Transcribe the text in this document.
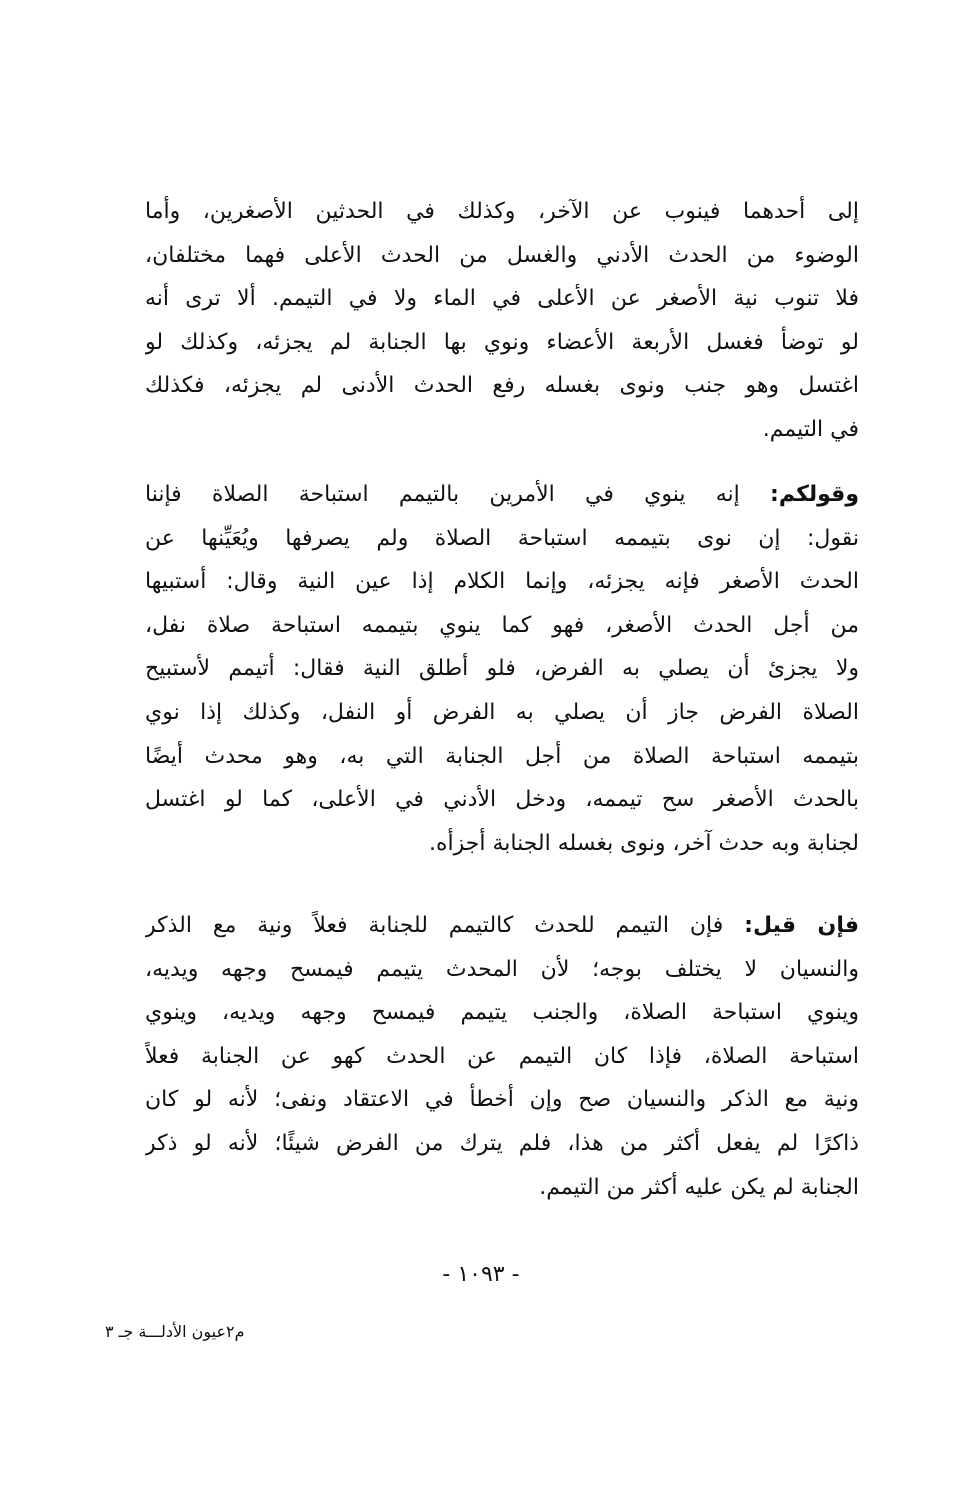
إلى أحدهما فينوب عن الآخر، وكذلك في الحدثين الأصغرين، وأما
الوضوء من الحدث الأدني والغسل من الحدث الأعلى فهما مختلفان،
فلا تنوب نية الأصغر عن الأعلى في الماء ولا في التيمم. ألا ترى أنه
لو توضأ فغسل الأربعة الأعضاء ونوي بها الجنابة لم يجزئه، وكذلك لو
اغتسل وهو جنب ونوى بغسله رفع الحدث الأدنى لم يجزئه، فكذلك
في التيمم.
وقولكم: إنه ينوي في الأمرين بالتيمم استباحة الصلاة فإننا
نقول: إن نوى بتيممه استباحة الصلاة ولم يصرفها ويُعَيِّنها عن
الحدث الأصغر فإنه يجزئه، وإنما الكلام إذا عين النية وقال: أستبيها
من أجل الحدث الأصغر، فهو كما ينوي بتيممه استباحة صلاة نفل،
ولا يجزئ أن يصلي به الفرض، فلو أطلق النية فقال: أتيمم لأستبيح
الصلاة الفرض جاز أن يصلي به الفرض أو النفل، وكذلك إذا نوي
بتيممه استباحة الصلاة من أجل الجنابة التي به، وهو محدث أيضًا
بالحدث الأصغر سح تيممه، ودخل الأدني في الأعلى، كما لو اغتسل
لجنابة وبه حدث آخر، ونوى بغسله الجنابة أجزأه.
فإن قيل: فإن التيمم للحدث كالتيمم للجنابة فعلاً ونية مع الذكر
والنسيان لا يختلف بوجه؛ لأن المحدث يتيمم فيمسح وجهه ويديه،
وينوي استباحة الصلاة، والجنب يتيمم فيمسح وجهه ويديه، وينوي
استباحة الصلاة، فإذا كان التيمم عن الحدث كهو عن الجنابة فعلاً
ونية مع الذكر والنسيان صح وإن أخطأ في الاعتقاد ونفى؛ لأنه لو كان
ذاكرًا لم يفعل أكثر من هذا، فلم يترك من الفرض شيئًا؛ لأنه لو ذكر
الجنابة لم يكن عليه أكثر من التيمم.
- ١٠٩٣ -
م٢عيون الأدلـــة جـ ٣
